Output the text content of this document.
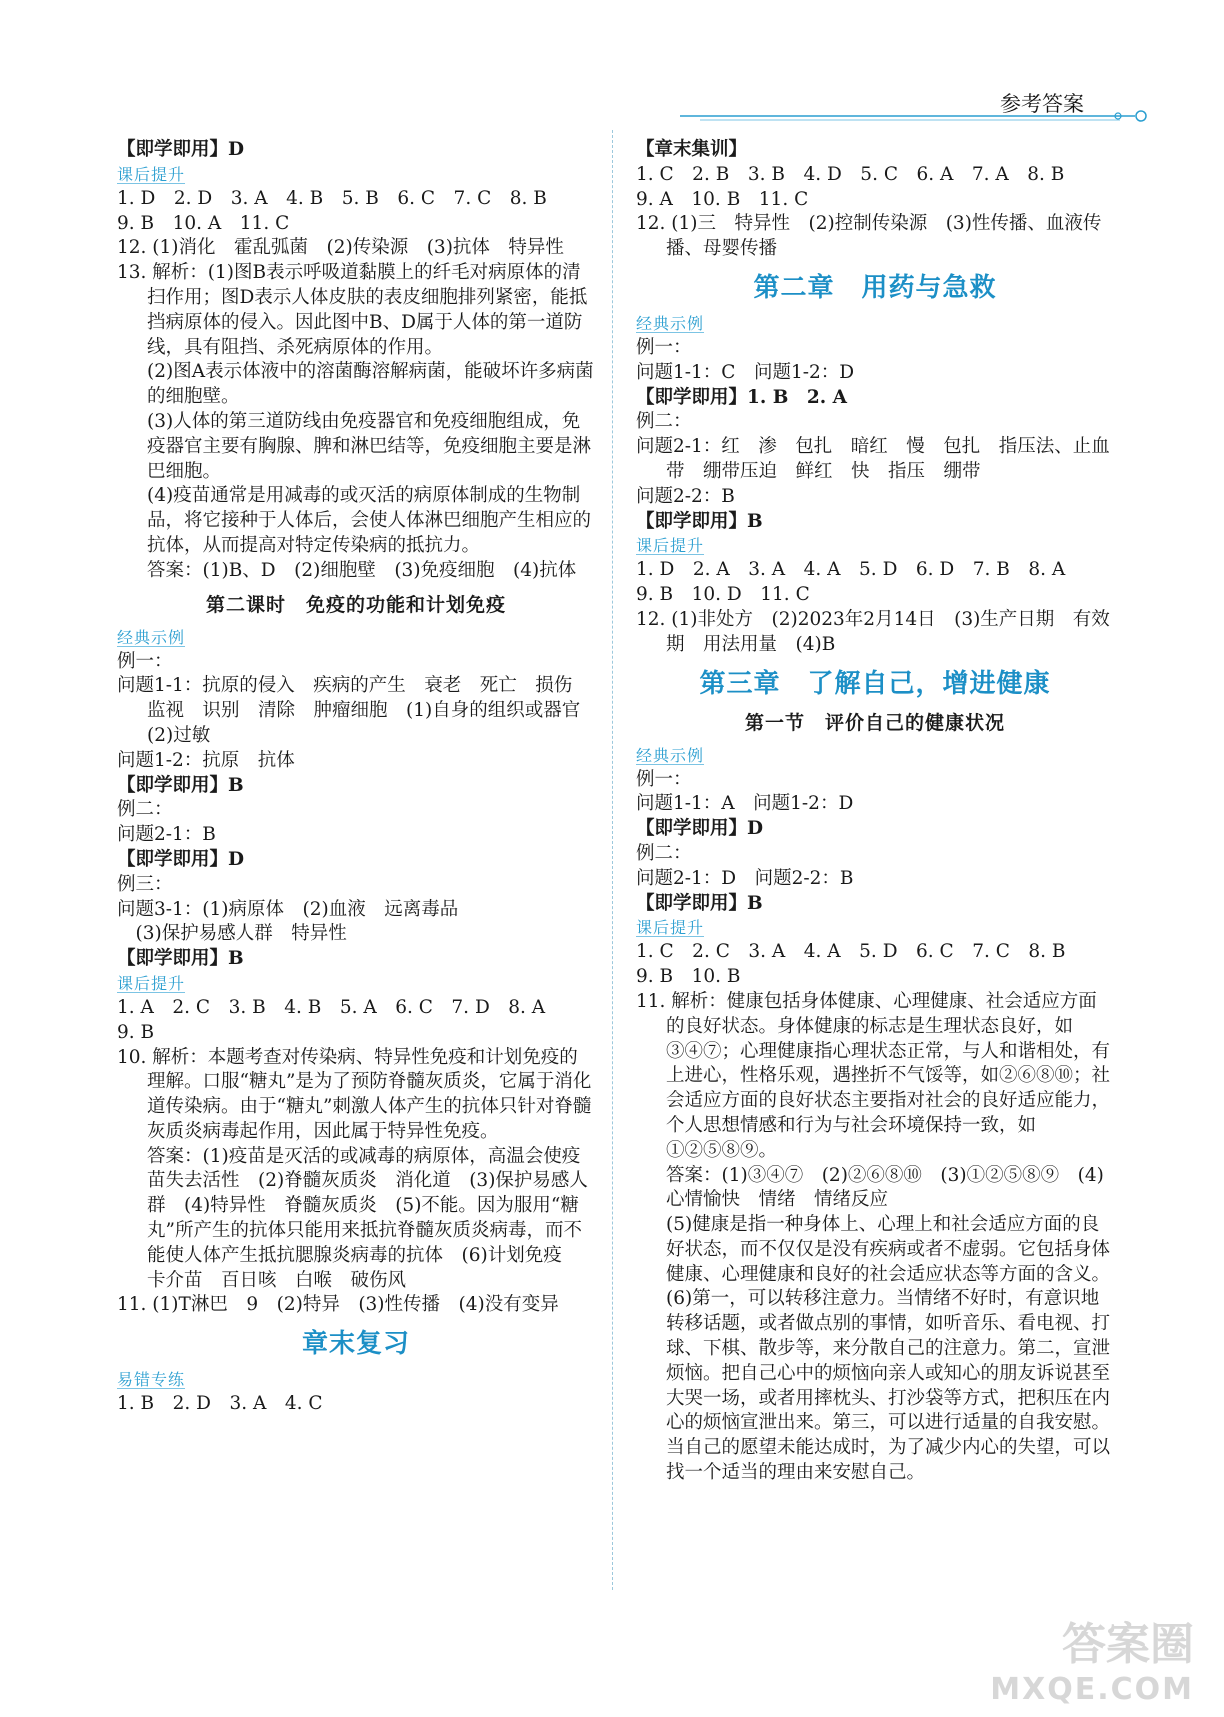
参考答案
【即学即用】D
课后提升
1. D　2. D　3. A　4. B　5. B　6. C　7. C　8. B
9. B　10. A　11. C
12. (1)消化　霍乱弧菌　(2)传染源　(3)抗体　特异性
13. 解析：(1)图B表示呼吸道黏膜上的纤毛对病原体的清扫作用；图D表示人体皮肤的表皮细胞排列紧密，能抵挡病原体的侵入。因此图中B、D属于人体的第一道防线，具有阻挡、杀死病原体的作用。
(2)图A表示体液中的溶菌酶溶解病菌，能破坏许多病菌的细胞壁。
(3)人体的第三道防线由免疫器官和免疫细胞组成，免疫器官主要有胸腺、脾和淋巴结等，免疫细胞主要是淋巴细胞。
(4)疫苗通常是用减毒的或灭活的病原体制成的生物制品，将它接种于人体后，会使人体淋巴细胞产生相应的抗体，从而提高对特定传染病的抵抗力。
答案：(1)B、D　(2)细胞壁　(3)免疫细胞　(4)抗体
第二课时　免疫的功能和计划免疫
经典示例
例一：
问题1-1：抗原的侵入　疾病的产生　衰老　死亡　损伤　监视　识别　清除　肿瘤细胞　(1)自身的组织或器官　(2)过敏
问题1-2：抗原　抗体
【即学即用】B
例二：
问题2-1：B
【即学即用】D
例三：
问题3-1：(1)病原体　(2)血液　远离毒品
　(3)保护易感人群　特异性
【即学即用】B
课后提升
1. A　2. C　3. B　4. B　5. A　6. C　7. D　8. A
9. B
10. 解析：本题考查对传染病、特异性免疫和计划免疫的理解。口服“糖丸”是为了预防脊髓灰质炎，它属于消化道传染病。由于“糖丸”刺激人体产生的抗体只针对脊髓灰质炎病毒起作用，因此属于特异性免疫。
答案：(1)疫苗是灭活的或减毒的病原体，高温会使疫苗失去活性　(2)脊髓灰质炎　消化道　(3)保护易感人群　(4)特异性　脊髓灰质炎　(5)不能。因为服用“糖丸”所产生的抗体只能用来抵抗脊髓灰质炎病毒，而不能使人体产生抵抗腮腺炎病毒的抗体　(6)计划免疫　卡介苗　百日咳　白喉　破伤风
11. (1)T淋巴　9　(2)特异　(3)性传播　(4)没有变异
章末复习
易错专练
1. B　2. D　3. A　4. C
【章末集训】
1. C　2. B　3. B　4. D　5. C　6. A　7. A　8. B
9. A　10. B　11. C
12. (1)三　特异性　(2)控制传染源　(3)性传播、血液传播、母婴传播
第二章　用药与急救
经典示例
例一：
问题1-1：C　问题1-2：D
【即学即用】1. B　2. A
例二：
问题2-1：红　渗　包扎　暗红　慢　包扎　指压法、止血带　绷带压迫　鲜红　快　指压　绷带
问题2-2：B
【即学即用】B
课后提升
1. D　2. A　3. A　4. A　5. D　6. D　7. B　8. A
9. B　10. D　11. C
12. (1)非处方　(2)2023年2月14日　(3)生产日期　有效期　用法用量　(4)B
第三章　了解自己，增进健康
第一节　评价自己的健康状况
经典示例
例一：
问题1-1：A　问题1-2：D
【即学即用】D
例二：
问题2-1：D　问题2-2：B
【即学即用】B
课后提升
1. C　2. C　3. A　4. A　5. D　6. C　7. C　8. B
9. B　10. B
11. 解析：健康包括身体健康、心理健康、社会适应方面的良好状态。身体健康的标志是生理状态良好，如③④⑦；心理健康指心理状态正常，与人和谐相处，有上进心，性格乐观，遇挫折不气馁等，如②⑥⑧⑩；社会适应方面的良好状态主要指对社会的良好适应能力，个人思想情感和行为与社会环境保持一致，如①②⑤⑧⑨。
答案：(1)③④⑦　(2)②⑥⑧⑩　(3)①②⑤⑧⑨　(4)心情愉快　情绪　情绪反应
(5)健康是指一种身体上、心理上和社会适应方面的良好状态，而不仅仅是没有疾病或者不虚弱。它包括身体健康、心理健康和良好的社会适应状态等方面的含义。
(6)第一，可以转移注意力。当情绪不好时，有意识地转移话题，或者做点别的事情，如听音乐、看电视、打球、下棋、散步等，来分散自己的注意力。第二，宣泄烦恼。把自己心中的烦恼向亲人或知心的朋友诉说甚至大哭一场，或者用摔枕头、打沙袋等方式，把积压在内心的烦恼宣泄出来。第三，可以进行适量的自我安慰。当自己的愿望未能达成时，为了减少内心的失望，可以找一个适当的理由来安慰自己。
答案圈
MXQE.COM
